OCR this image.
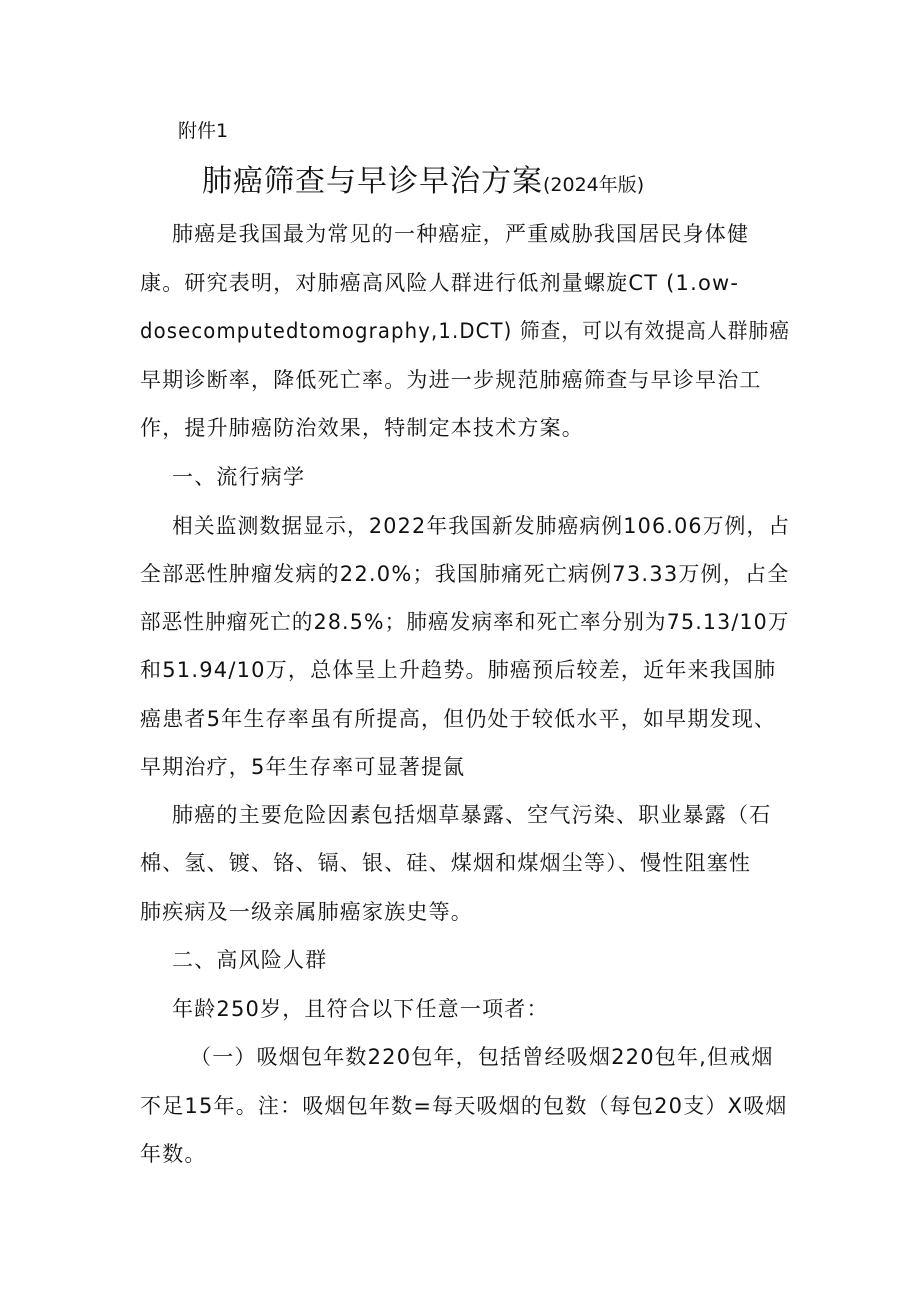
附件1
肺癌筛查与早诊早治方案(2024年版)
肺癌是我国最为常见的一种癌症，严重威胁我国居民身体健
康。研究表明，对肺癌高风险人群进行低剂量螺旋CT (1.ow-
dosecomputedtomography,1.DCT) 筛查，可以有效提高人群肺癌
早期诊断率，降低死亡率。为进一步规范肺癌筛查与早诊早治工
作，提升肺癌防治效果，特制定本技术方案。
一、流行病学
相关监测数据显示，2022年我国新发肺癌病例106.06万例，占
全部恶性肿瘤发病的22.0%；我国肺痛死亡病例73.33万例，占全
部恶性肿瘤死亡的28.5%；肺癌发病率和死亡率分别为75.13/10万
和51.94/10万，总体呈上升趋势。肺癌预后较差，近年来我国肺
癌患者5年生存率虽有所提高，但仍处于较低水平，如早期发现、
早期治疗，5年生存率可显著提氤
肺癌的主要危险因素包括烟草暴露、空气污染、职业暴露（石
棉、氢、镀、铬、镉、银、硅、煤烟和煤烟尘等）、慢性阻塞性
肺疾病及一级亲属肺癌家族史等。
二、高风险人群
年龄250岁，且符合以下任意一项者：
（一）吸烟包年数220包年，包括曾经吸烟220包年,但戒烟
不足15年。注：吸烟包年数=每天吸烟的包数（每包20支）X吸烟
年数。
